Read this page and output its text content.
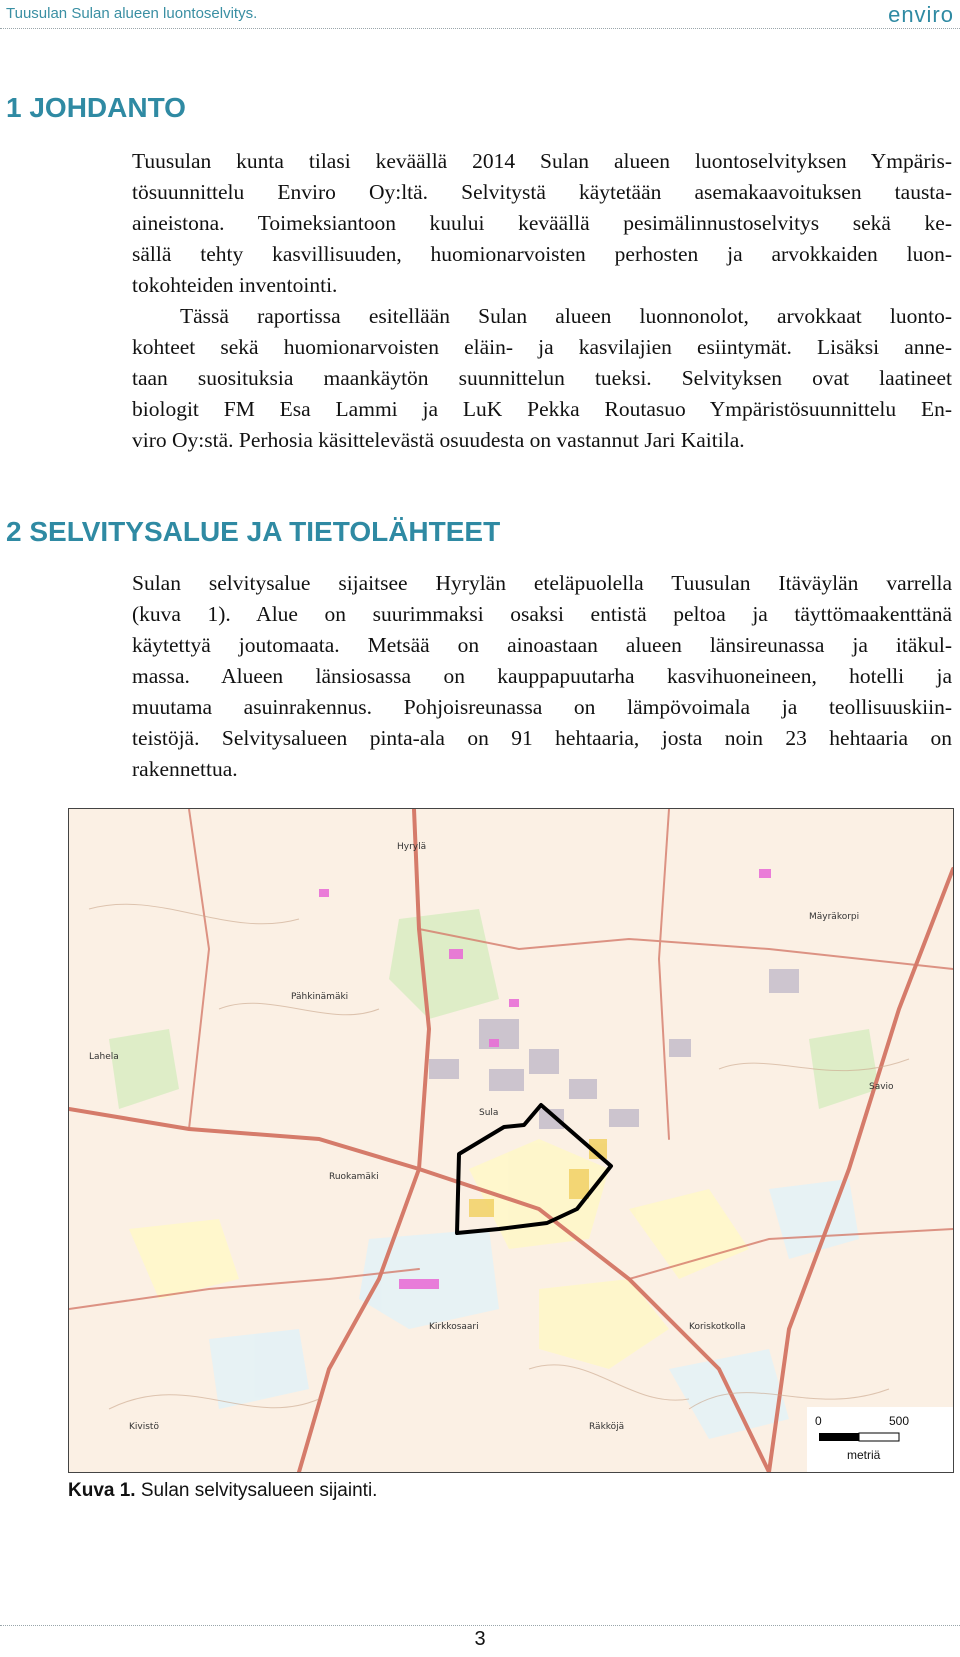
Tuusulan Sulan alueen luontoselvitys.	enviro
1 JOHDANTO
Tuusulan kunta tilasi keväällä 2014 Sulan alueen luontoselvityksen Ympäris-
tösuunnittelu Enviro Oy:ltä. Selvitystä käytetään asemakaavoituksen tausta-
aineistona. Toimeksiantoon kuului keväällä pesimälinnustoselvitys sekä ke-
sällä tehty kasvillisuuden, huomionarvoisten perhosten ja arvokkaiden luon-
tokohteiden inventointi.
Tässä raportissa esitellään Sulan alueen luonnonolot, arvokkaat luonto-
kohteet sekä huomionarvoisten eläin- ja kasvilajien esiintymät. Lisäksi anne-
taan suosituksia maankäytön suunnittelun tueksi. Selvityksen ovat laatineet
biologit FM Esa Lammi ja LuK Pekka Routasuo Ympäristösuunnittelu En-
viro Oy:stä. Perhosia käsittelevästä osuudesta on vastannut Jari Kaitila.
2 SELVITYSALUE JA TIETOLÄHTEET
Sulan selvitysalue sijaitsee Hyrylän eteläpuolella Tuusulan Itäväylän varrella
(kuva 1). Alue on suurimmaksi osaksi entistä peltoa ja täyttömaakenttänä
käytettyä joutomaata. Metsää on ainoastaan alueen länsireunassa ja itäkul-
massa. Alueen länsiosassa on kauppapuutarha kasvihuoneineen, hotelli ja
muutama asuinrakennus. Pohjoisreunassa on lämpövoimala ja teollisuuskiin-
teistöjä. Selvitysalueen pinta-ala on 91 hehtaaria, josta noin 23 hehtaaria on
rakennettua.
Hyrylä
Mäyräkorpi
Lahela
Pähkinämäki
Sula
Ruokamäki
Koriskotkolla
Savio
Kirkkosaari
Kivistö	Räkköjä	0	500
metriä
Kuva 1. Sulan selvitysalueen sijainti.
3
